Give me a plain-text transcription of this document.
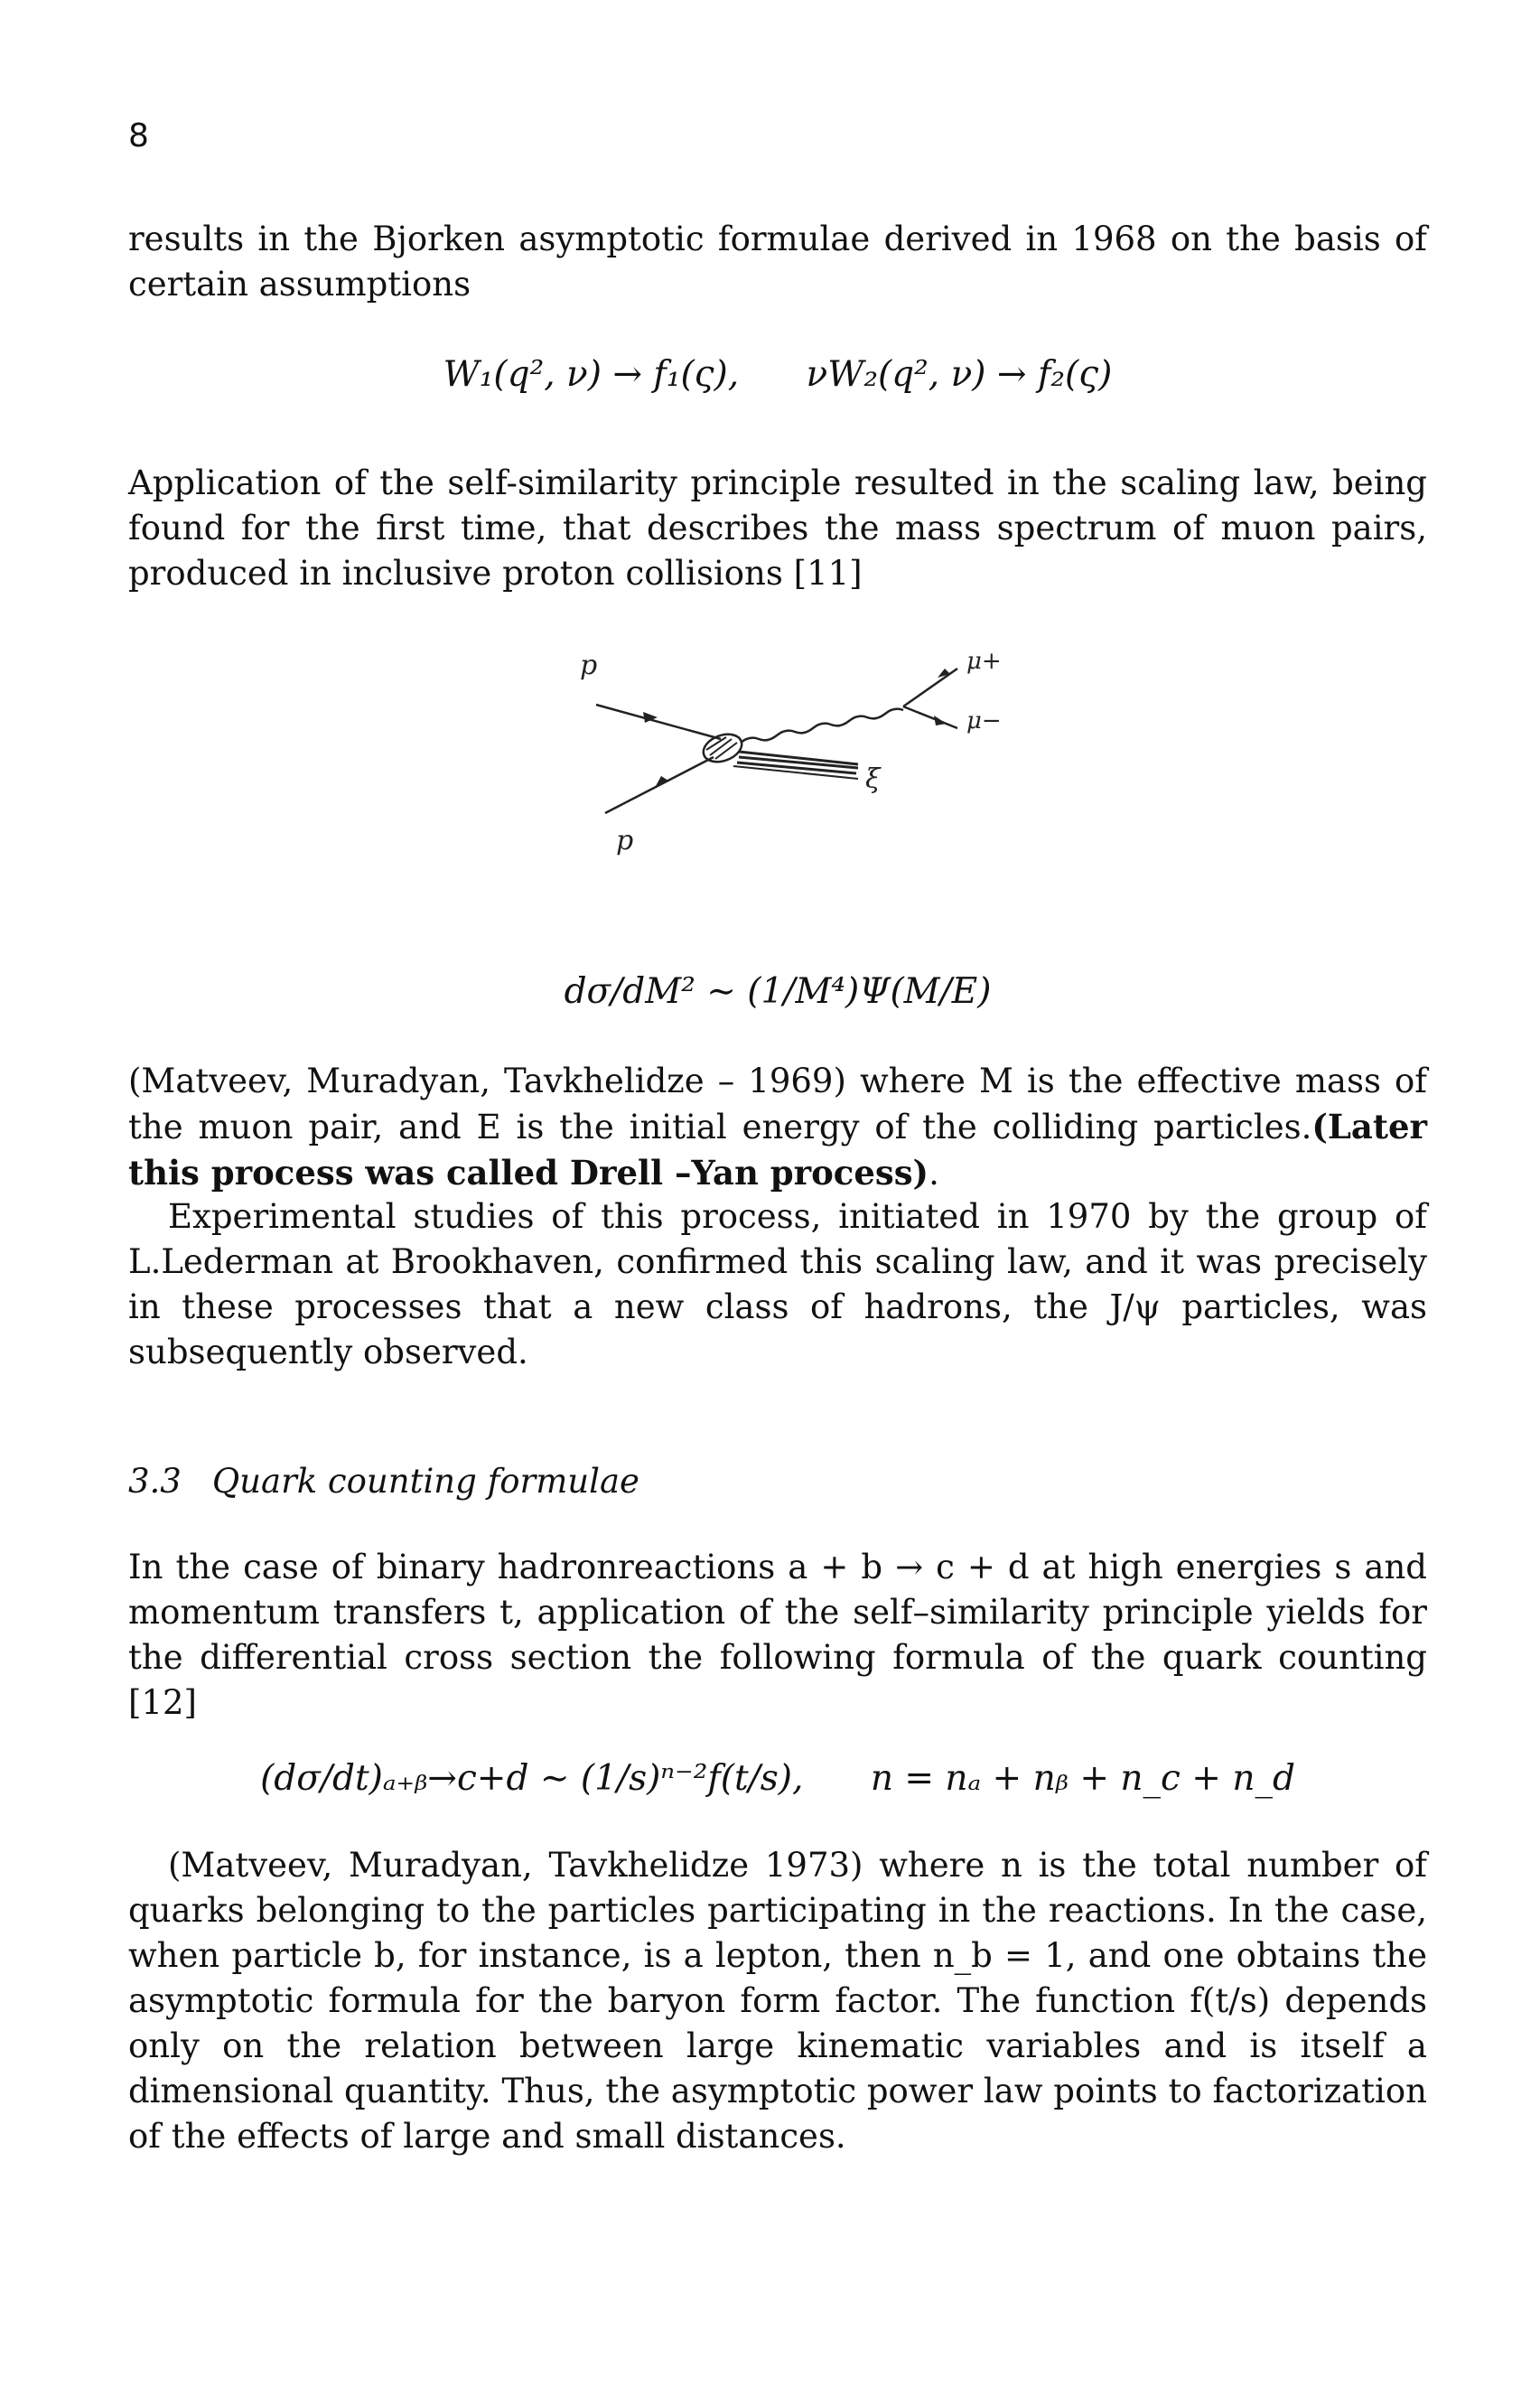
8

results in the Bjorken asymptotic formulae derived in 1968 on the basis of certain assumptions

W₁(q², ν) → f₁(ς), νW₂(q², ν) → f₂(ς)

Application of the self-similarity principle resulted in the scaling law, being found for the first time, that describes the mass spectrum of muon pairs, produced in inclusive proton collisions [11]

p
p
μ+
μ−
ξ

dσ/dM² ∼ (1/M⁴)Ψ(M/E)

(Matveev, Muradyan, Tavkhelidze – 1969) where M is the effective mass of the muon pair, and E is the initial energy of the colliding particles.(Later this process was called Drell –Yan process).

Experimental studies of this process, initiated in 1970 by the group of L.Lederman at Brookhaven, confirmed this scaling law, and it was precisely in these processes that a new class of hadrons, the J/ψ particles, was subsequently observed.

3.3 Quark counting formulae

In the case of binary hadronreactions a + b → c + d at high energies s and momentum transfers t, application of the self–similarity principle yields for the differential cross section the following formula of the quark counting [12]

(dσ/dt)ₐ₊ᵦ→c+d ∼ (1/s)ⁿ⁻²f(t/s), n = nₐ + nᵦ + n_c + n_d

(Matveev, Muradyan, Tavkhelidze 1973) where n is the total number of quarks belonging to the particles participating in the reactions. In the case, when particle b, for instance, is a lepton, then n_b = 1, and one obtains the asymptotic formula for the baryon form factor. The function f(t/s) depends only on the relation between large kinematic variables and is itself a dimensional quantity. Thus, the asymptotic power law points to factorization of the effects of large and small distances.
